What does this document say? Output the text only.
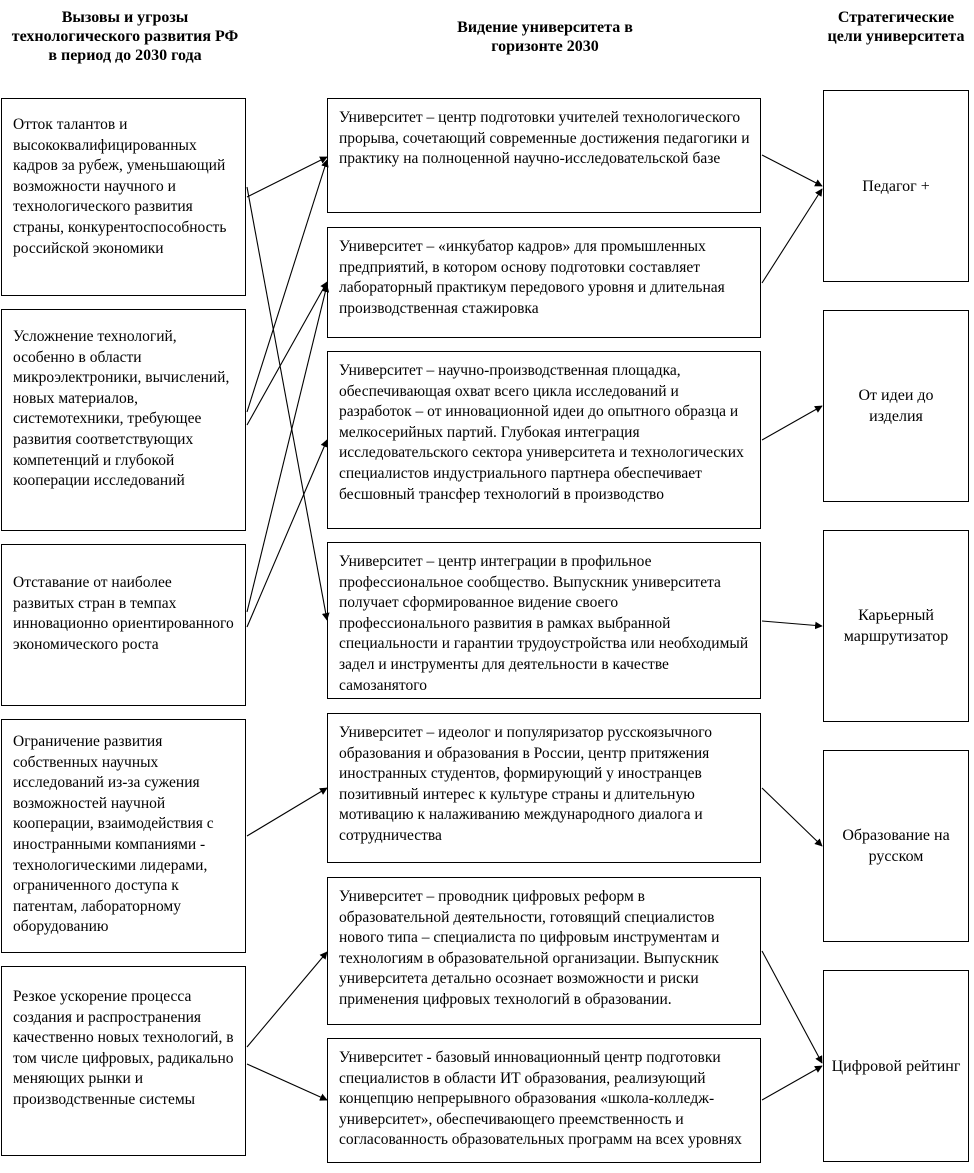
Вызовы и угрозы технологического развития РФ в период до 2030 года
Видение университета в горизонте 2030
Стратегические цели университета
Отток талантов и высококвалифицированных кадров за рубеж, уменьшающий возможности научного и технологического развития страны, конкурентоспособность российской экономики
Усложнение технологий, особенно в области микроэлектроники, вычислений, новых материалов, системотехники, требующее развития соответствующих компетенций и глубокой кооперации исследований
Отставание от наиболее развитых стран в темпах инновационно ориентированного экономического роста
Ограничение развития собственных научных исследований из-за сужения возможностей научной кооперации, взаимодействия с иностранными компаниями - технологическими лидерами, ограниченного доступа к патентам, лабораторному оборудованию
Резкое ускорение процесса создания и распространения качественно новых технологий, в том числе цифровых, радикально меняющих рынки и производственные системы
Университет – центр подготовки учителей технологического прорыва, сочетающий современные достижения педагогики и практику на полноценной научно-исследовательской базе
Университет – «инкубатор кадров» для промышленных предприятий, в котором основу подготовки составляет лабораторный практикум передового уровня и длительная производственная стажировка
Университет – научно-производственная площадка, обеспечивающая охват всего цикла исследований и разработок – от инновационной идеи до опытного образца и мелкосерийных партий. Глубокая интеграция исследовательского сектора университета и технологических специалистов индустриального партнера обеспечивает бесшовный трансфер технологий в производство
Университет – центр интеграции в профильное профессиональное сообщество. Выпускник университета получает сформированное видение своего профессионального развития в рамках выбранной специальности и гарантии трудоустройства или необходимый задел и инструменты для деятельности в качестве самозанятого
Университет – идеолог и популяризатор русскоязычного образования и образования в России, центр притяжения иностранных студентов, формирующий у иностранцев позитивный интерес к культуре страны и длительную мотивацию к налаживанию международного диалога и сотрудничества
Университет – проводник цифровых реформ в образовательной деятельности, готовящий специалистов нового типа – специалиста по цифровым инструментам и технологиям в образовательной организации. Выпускник университета детально осознает возможности и риски применения цифровых технологий в образовании.
Университет - базовый инновационный центр подготовки специалистов в области ИТ образования, реализующий концепцию непрерывного образования «школа-колледж-университет», обеспечивающего преемственность и согласованность образовательных программ на всех уровнях
Педагог +
От идеи до изделия
Карьерный маршрутизатор
Образование на русском
Цифровой рейтинг
